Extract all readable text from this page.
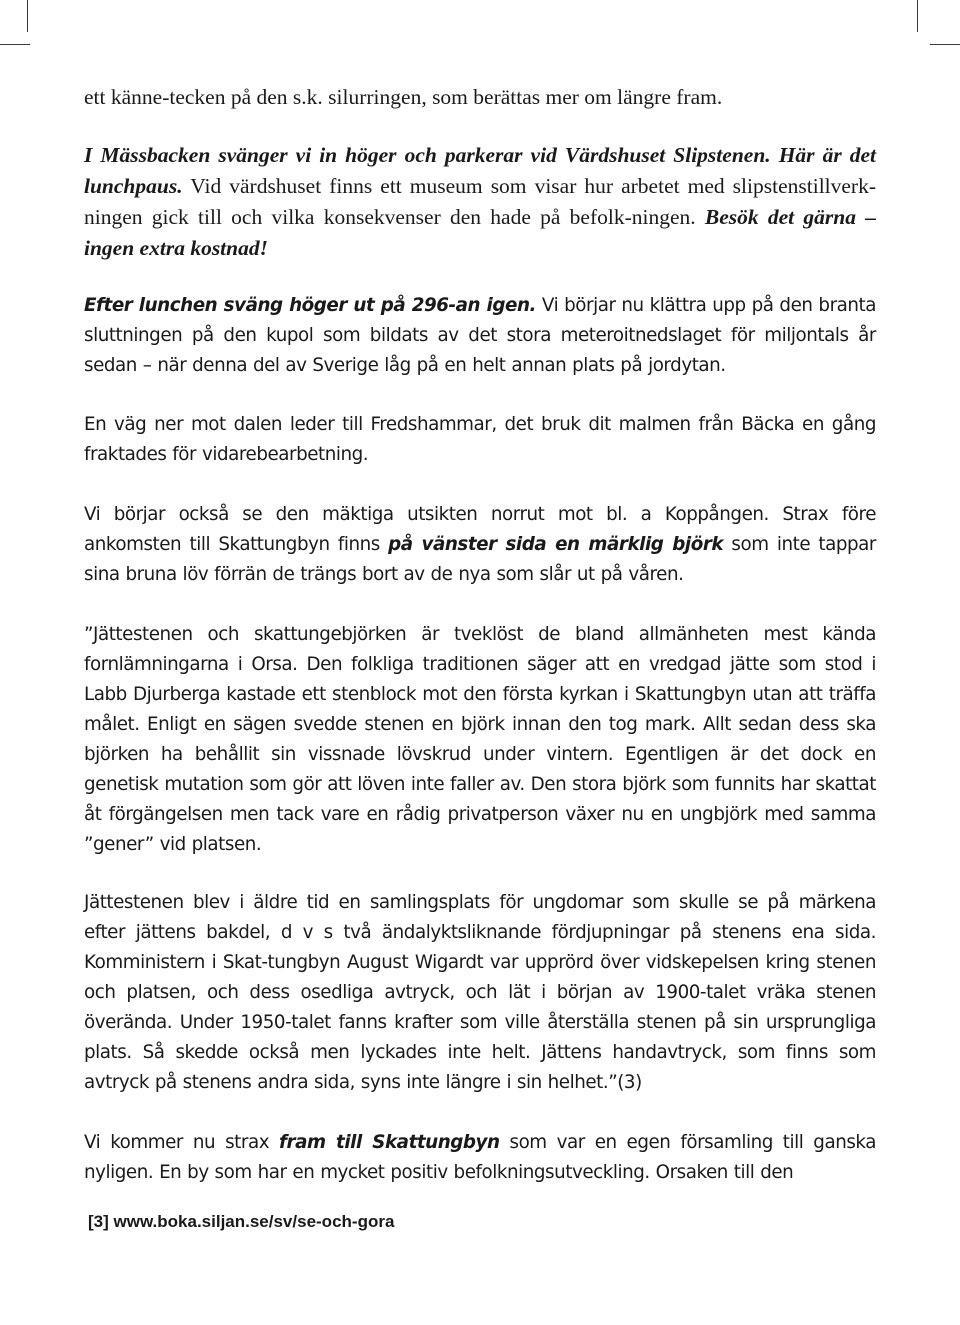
ett känne-tecken på den s.k. silurringen, som berättas mer om längre fram.

I Mässbacken svänger vi in höger och parkerar vid Värdshuset Slipstenen. Här är det lunchpaus. Vid värdshuset finns ett museum som visar hur arbetet med slipstenstillverk-ningen gick till och vilka konsekvenser den hade på befolk-ningen. Besök det gärna – ingen extra kostnad!

Efter lunchen sväng höger ut på 296-an igen. Vi börjar nu klättra upp på den branta sluttningen på den kupol som bildats av det stora meteroitnedslaget för miljontals år sedan – när denna del av Sverige låg på en helt annan plats på jordytan.

En väg ner mot dalen leder till Fredshammar, det bruk dit malmen från Bäcka en gång fraktades för vidarebearbetning.

Vi börjar också se den mäktiga utsikten norrut mot bl. a Koppången. Strax före ankomsten till Skattungbyn finns på vänster sida en märklig björk som inte tappar sina bruna löv förrän de trängs bort av de nya som slår ut på våren.

”Jättestenen och skattungebjörken är tveklöst de bland allmänheten mest kända fornlämningarna i Orsa. Den folkliga traditionen säger att en vredgad jätte som stod i Labb Djurberga kastade ett stenblock mot den första kyrkan i Skattungbyn utan att träffa målet. Enligt en sägen svedde stenen en björk innan den tog mark. Allt sedan dess ska björken ha behållit sin vissnade lövskrud under vintern. Egentligen är det dock en genetisk mutation som gör att löven inte faller av. Den stora björk som funnits har skattat åt förgängelsen men tack vare en rådig privatperson växer nu en ungbjörk med samma ”gener” vid platsen.

Jättestenen blev i äldre tid en samlingsplats för ungdomar som skulle se på märkena efter jättens bakdel, d v s två ändalyktsliknande fördjupningar på stenens ena sida. Komministern i Skat-tungbyn August Wigardt var upprörd över vidskepelsen kring stenen och platsen, och dess osedliga avtryck, och lät i början av 1900-talet vräka stenen överända. Under 1950-talet fanns krafter som ville återställa stenen på sin ursprungliga plats. Så skedde också men lyckades inte helt. Jättens handavtryck, som finns som avtryck på stenens andra sida, syns inte längre i sin helhet.”(3)

Vi kommer nu strax fram till Skattungbyn som var en egen församling till ganska nyligen. En by som har en mycket positiv befolkningsutveckling. Orsaken till den

[3] www.boka.siljan.se/sv/se-och-gora
